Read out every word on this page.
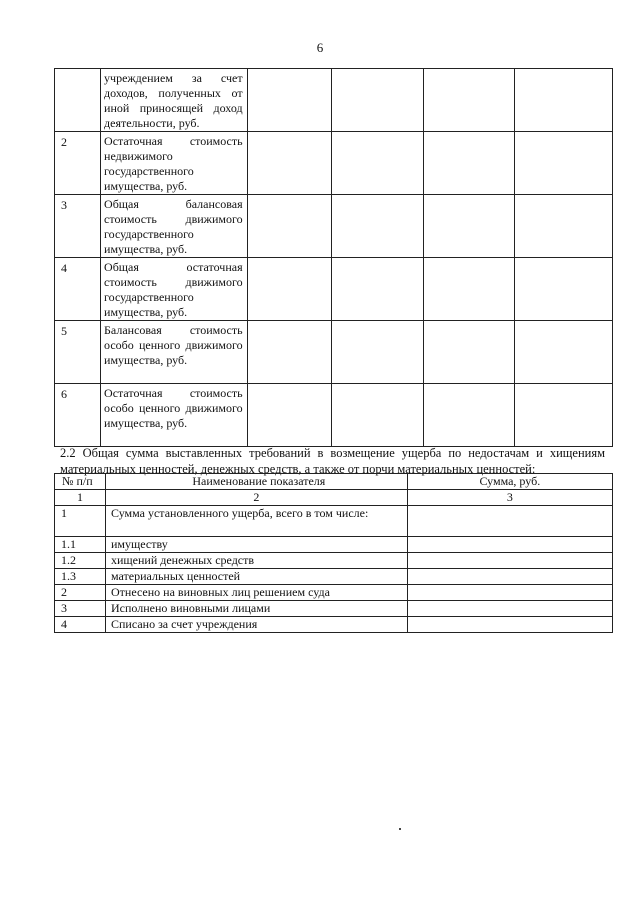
6
	учреждением за счет доходов, полученных от иной приносящей доход деятельности, руб.				
2	Остаточная стоимость недвижимого государственного имущества, руб.				
3	Общая балансовая стоимость движимого государственного имущества, руб.				
4	Общая остаточная стоимость движимого государственного имущества, руб.				
5	Балансовая стоимость особо ценного движимого имущества, руб.				
6	Остаточная стоимость особо ценного движимого имущества, руб.				
2.2 Общая сумма выставленных требований в возмещение ущерба по недостачам и хищениям материальных ценностей, денежных средств, а также от порчи материальных ценностей:
№ п/п	Наименование показателя	Сумма, руб.
1	2	3
1	Сумма установленного ущерба, всего в том числе:	
1.1	имуществу	
1.2	хищений денежных средств	
1.3	материальных ценностей	
2	Отнесено на виновных лиц решением суда	
3	Исполнено виновными лицами	
4	Списано за счет учреждения	
